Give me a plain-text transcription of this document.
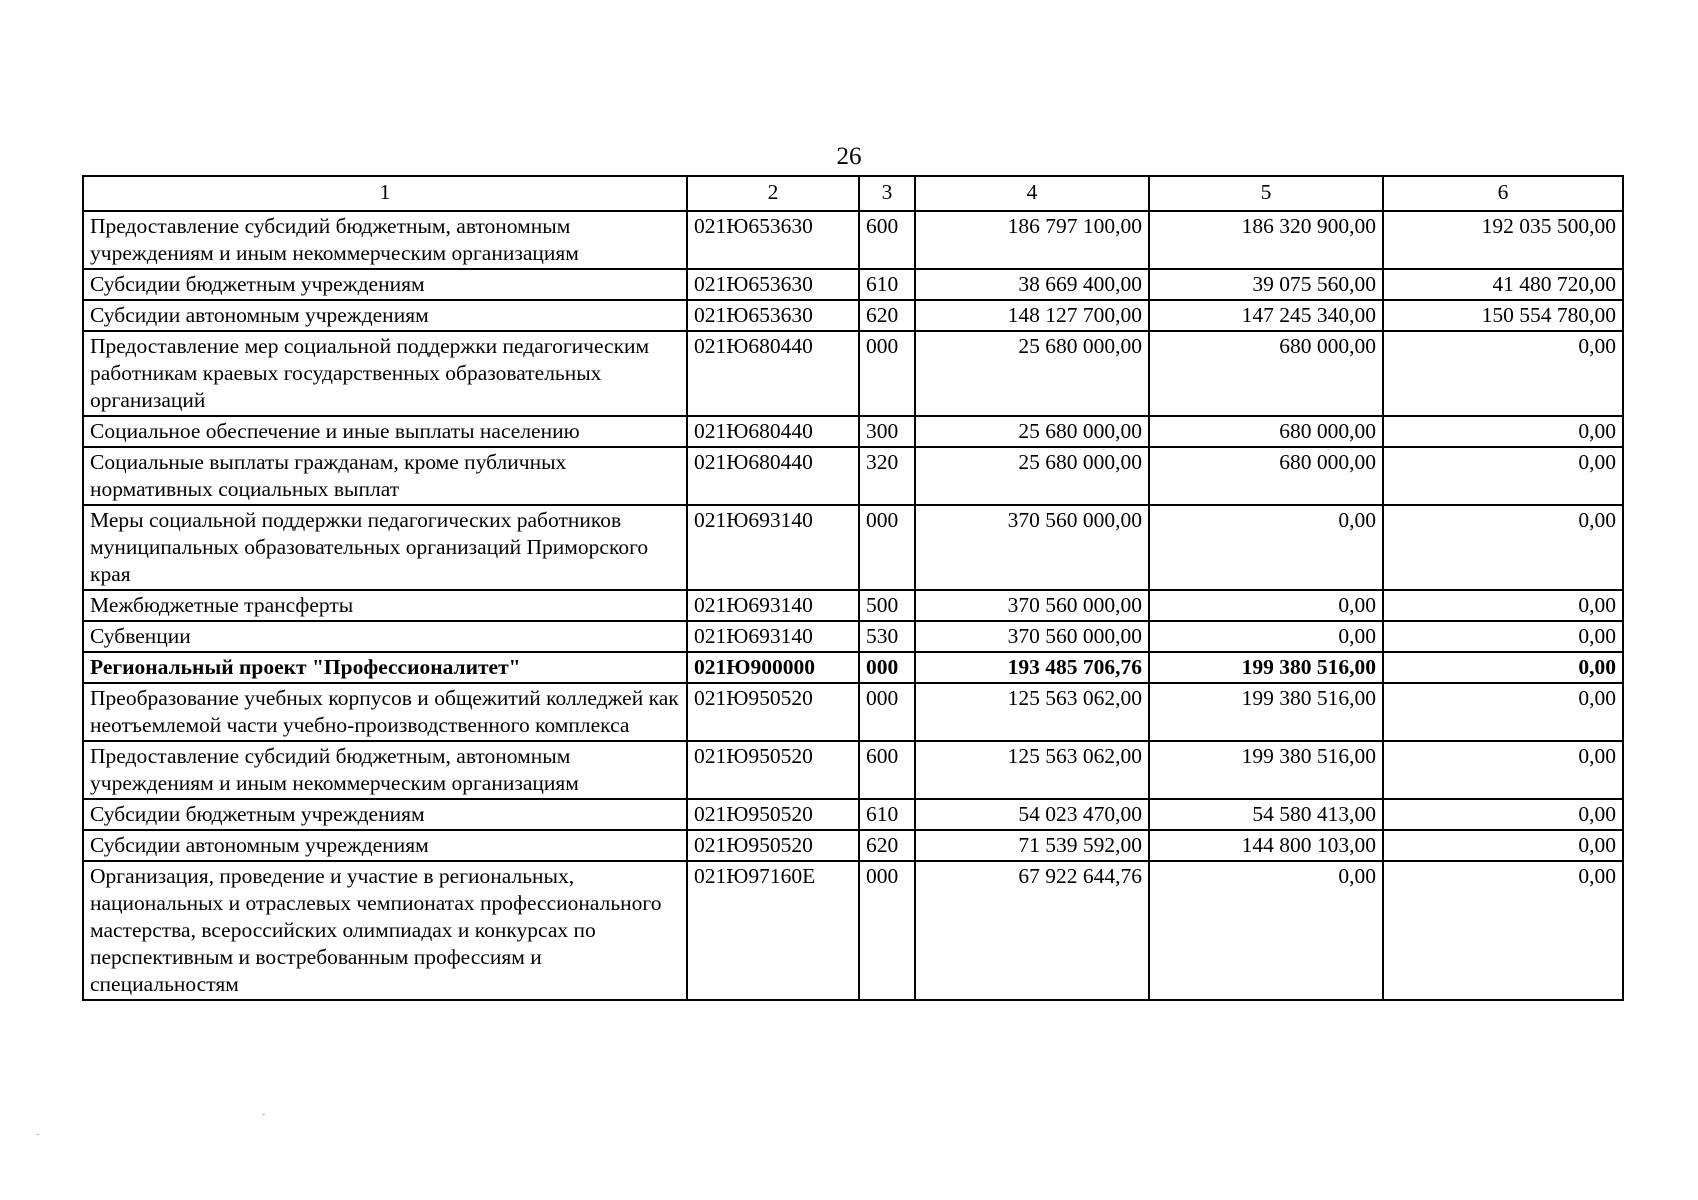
26
1	2	3	4	5	6
Предоставление субсидий бюджетным, автономным учреждениям и иным некоммерческим организациям	021Ю653630	600	186 797 100,00	186 320 900,00	192 035 500,00
Субсидии бюджетным учреждениям	021Ю653630	610	38 669 400,00	39 075 560,00	41 480 720,00
Субсидии автономным учреждениям	021Ю653630	620	148 127 700,00	147 245 340,00	150 554 780,00
Предоставление мер социальной поддержки педагогическим работникам краевых государственных образовательных организаций	021Ю680440	000	25 680 000,00	680 000,00	0,00
Социальное обеспечение и иные выплаты населению	021Ю680440	300	25 680 000,00	680 000,00	0,00
Социальные выплаты гражданам, кроме публичных нормативных социальных выплат	021Ю680440	320	25 680 000,00	680 000,00	0,00
Меры социальной поддержки педагогических работников муниципальных образовательных организаций Приморского края	021Ю693140	000	370 560 000,00	0,00	0,00
Межбюджетные трансферты	021Ю693140	500	370 560 000,00	0,00	0,00
Субвенции	021Ю693140	530	370 560 000,00	0,00	0,00
Региональный проект "Профессионалитет"	021Ю900000	000	193 485 706,76	199 380 516,00	0,00
Преобразование учебных корпусов и общежитий колледжей как неотъемлемой части учебно-производственного комплекса	021Ю950520	000	125 563 062,00	199 380 516,00	0,00
Предоставление субсидий бюджетным, автономным учреждениям и иным некоммерческим организациям	021Ю950520	600	125 563 062,00	199 380 516,00	0,00
Субсидии бюджетным учреждениям	021Ю950520	610	54 023 470,00	54 580 413,00	0,00
Субсидии автономным учреждениям	021Ю950520	620	71 539 592,00	144 800 103,00	0,00
Организация, проведение и участие в региональных, национальных и отраслевых чемпионатах профессионального мастерства, всероссийских олимпиадах и конкурсах по перспективным и востребованным профессиям и специальностям	021Ю97160Е	000	67 922 644,76	0,00	0,00
